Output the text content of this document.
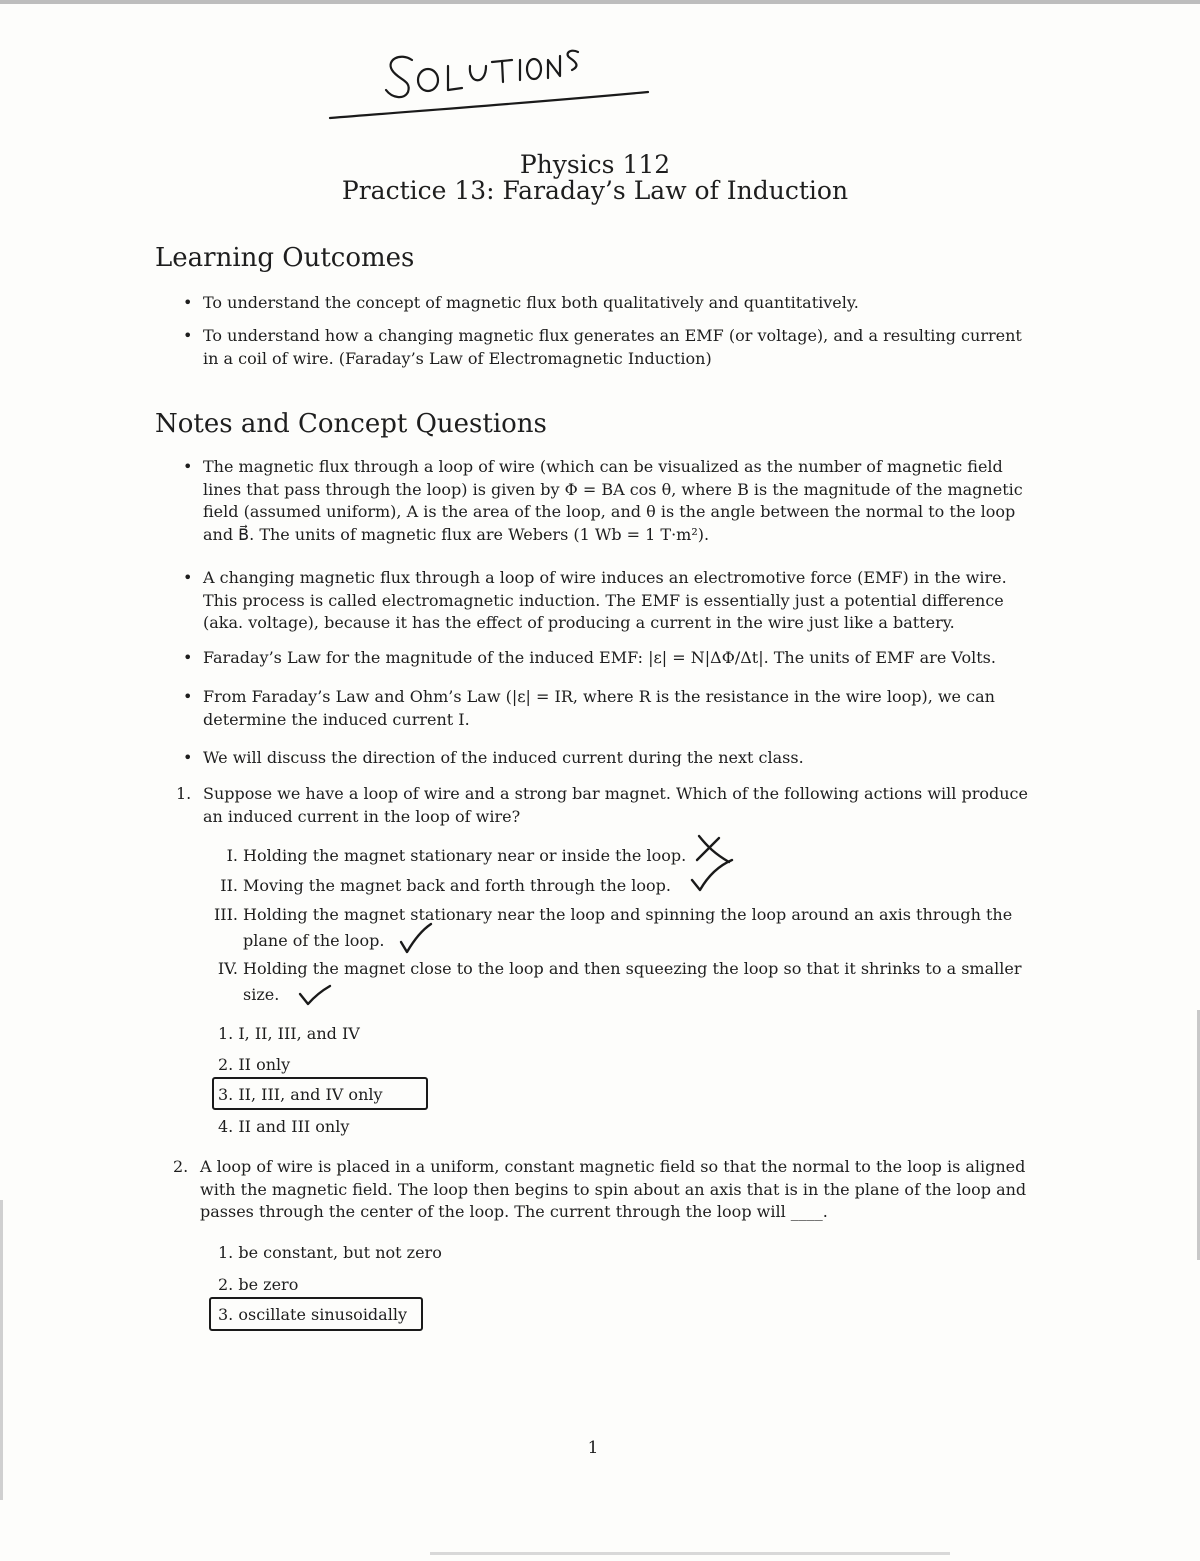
Physics 112
Practice 13: Faraday’s Law of Induction
Learning Outcomes
• To understand the concept of magnetic flux both qualitatively and quantitatively.
• To understand how a changing magnetic flux generates an EMF (or voltage), and a resulting current in a coil of wire. (Faraday’s Law of Electromagnetic Induction)
Notes and Concept Questions
• The magnetic flux through a loop of wire (which can be visualized as the number of magnetic field lines that pass through the loop) is given by Φ = BA cos θ, where B is the magnitude of the magnetic field (assumed uniform), A is the area of the loop, and θ is the angle between the normal to the loop and B⃗. The units of magnetic flux are Webers (1 Wb = 1 T·m²).
• A changing magnetic flux through a loop of wire induces an electromotive force (EMF) in the wire. This process is called electromagnetic induction. The EMF is essentially just a potential difference (aka. voltage), because it has the effect of producing a current in the wire just like a battery.
• Faraday’s Law for the magnitude of the induced EMF: |ε| = N|ΔΦ/Δt|. The units of EMF are Volts.
• From Faraday’s Law and Ohm’s Law (|ε| = IR, where R is the resistance in the wire loop), we can determine the induced current I.
• We will discuss the direction of the induced current during the next class.
1. Suppose we have a loop of wire and a strong bar magnet. Which of the following actions will produce an induced current in the loop of wire?
I. Holding the magnet stationary near or inside the loop.
II. Moving the magnet back and forth through the loop.
III. Holding the magnet stationary near the loop and spinning the loop around an axis through the plane of the loop.
IV. Holding the magnet close to the loop and then squeezing the loop so that it shrinks to a smaller size.
1. I, II, III, and IV
2. II only
3. II, III, and IV only
4. II and III only
2. A loop of wire is placed in a uniform, constant magnetic field so that the normal to the loop is aligned with the magnetic field. The loop then begins to spin about an axis that is in the plane of the loop and passes through the center of the loop. The current through the loop will ____.
1. be constant, but not zero
2. be zero
3. oscillate sinusoidally
1
